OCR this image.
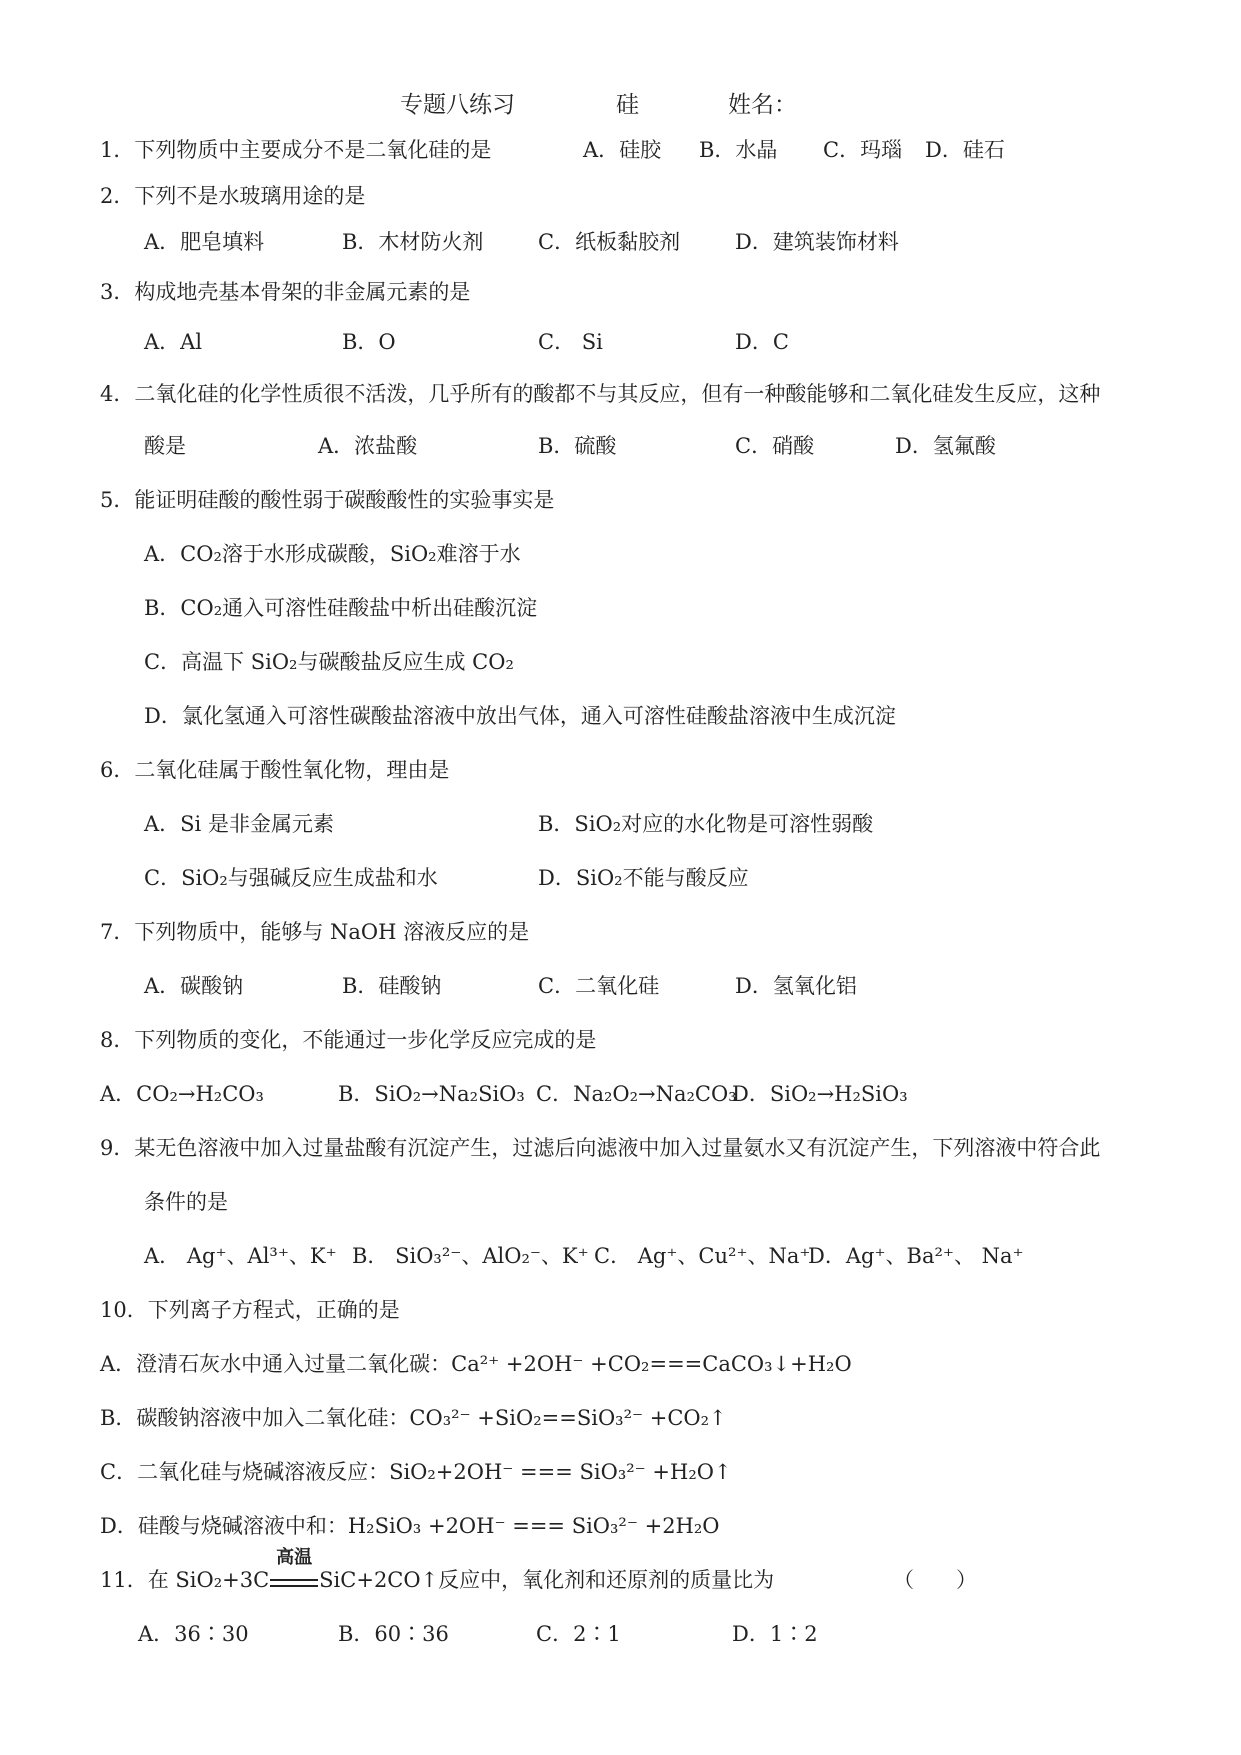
专题八练习	硅	姓名：
1．下列物质中主要成分不是二氧化硅的是	A．硅胶 B．水晶 C．玛瑙 D．硅石
2．下列不是水玻璃用途的是
A．肥皂填料	B．木材防火剂	C．纸板黏胶剂	D．建筑装饰材料
3．构成地壳基本骨架的非金属元素的是
A．Al	B．O	C． Si	D．C
4．二氧化硅的化学性质很不活泼，几乎所有的酸都不与其反应，但有一种酸能够和二氧化硅发生反应，这种
酸是	A．浓盐酸	B．硫酸	C．硝酸	D．氢氟酸
5．能证明硅酸的酸性弱于碳酸酸性的实验事实是
A．CO₂溶于水形成碳酸，SiO₂难溶于水
B．CO₂通入可溶性硅酸盐中析出硅酸沉淀
C．高温下 SiO₂与碳酸盐反应生成 CO₂
D．氯化氢通入可溶性碳酸盐溶液中放出气体，通入可溶性硅酸盐溶液中生成沉淀
6．二氧化硅属于酸性氧化物，理由是
A．Si 是非金属元素	B．SiO₂对应的水化物是可溶性弱酸
C．SiO₂与强碱反应生成盐和水	D．SiO₂不能与酸反应
7．下列物质中，能够与 NaOH 溶液反应的是
A．碳酸钠	B．硅酸钠	C．二氧化硅	D．氢氧化铝
8．下列物质的变化，不能通过一步化学反应完成的是
A．CO₂→H₂CO₃	B．SiO₂→Na₂SiO₃ C．Na₂O₂→Na₂CO₃
D．SiO₂→H₂SiO₃
9．某无色溶液中加入过量盐酸有沉淀产生，过滤后向滤液中加入过量氨水又有沉淀产生，下列溶液中符合此
条件的是
A． Ag⁺、Al³⁺、K⁺ B． SiO₃²⁻、AlO₂⁻、K⁺ C． Ag⁺、Cu²⁺、Na⁺
D．Ag⁺、Ba²⁺、 Na⁺
10．下列离子方程式，正确的是
A．澄清石灰水中通入过量二氧化碳：Ca²⁺ +2OH⁻ +CO₂===CaCO₃↓+H₂O
B．碳酸钠溶液中加入二氧化硅：CO₃²⁻ +SiO₂==SiO₃²⁻ +CO₂↑
C．二氧化硅与烧碱溶液反应：SiO₂+2OH⁻ === SiO₃²⁻ +H₂O↑
D．硅酸与烧碱溶液中和：H₂SiO₃ +2OH⁻ === SiO₃²⁻ +2H₂O
11．在 SiO₂+3C
高温
SiC+2CO↑反应中，氧化剂和还原剂的质量比为	（　　）
A．36∶30	B．60∶36	C．2∶1	D．1∶2
